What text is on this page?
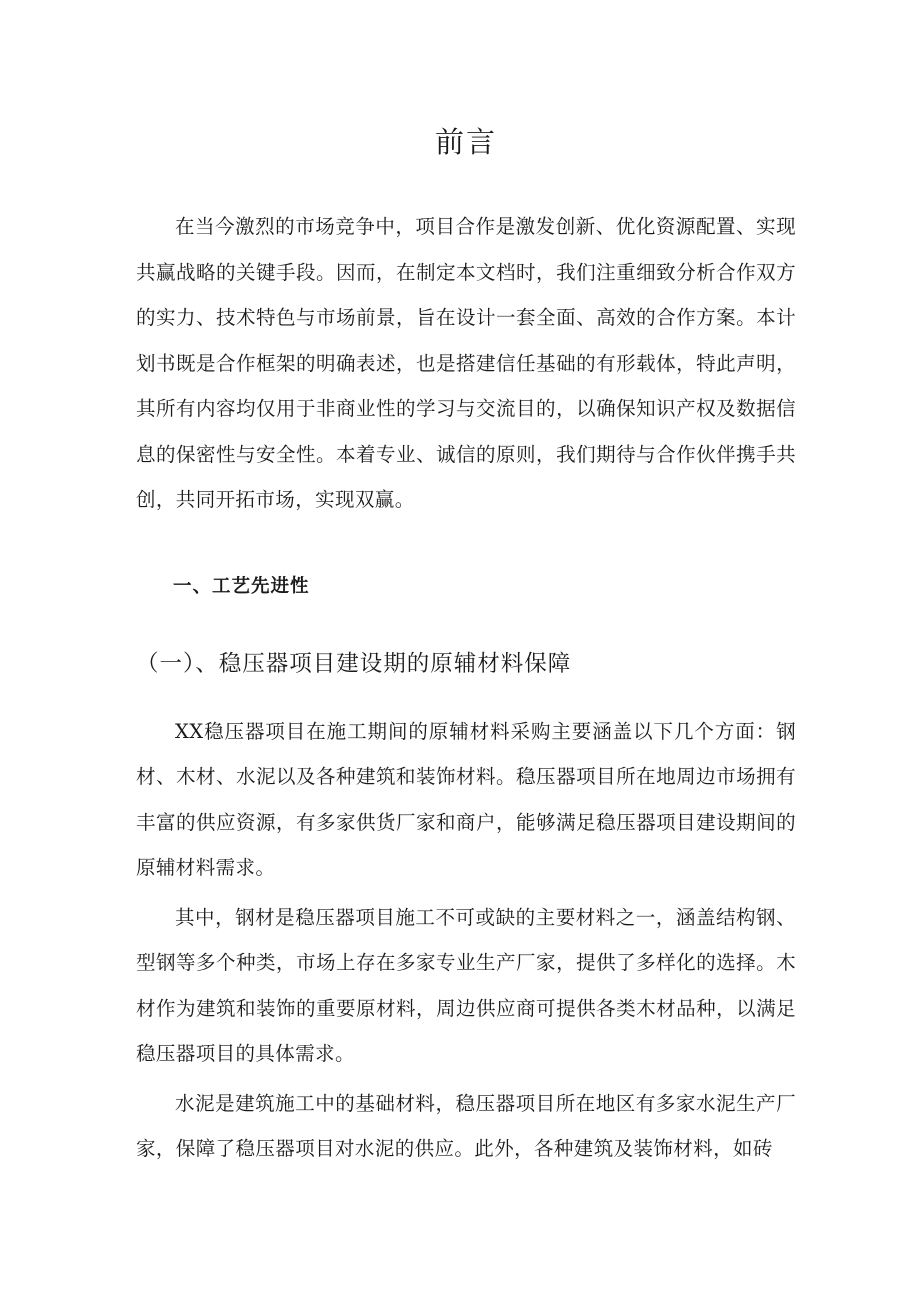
前言

在当今激烈的市场竞争中，项目合作是激发创新、优化资源配置、实现共赢战略的关键手段。因而，在制定本文档时，我们注重细致分析合作双方的实力、技术特色与市场前景，旨在设计一套全面、高效的合作方案。本计划书既是合作框架的明确表述，也是搭建信任基础的有形载体，特此声明，其所有内容均仅用于非商业性的学习与交流目的，以确保知识产权及数据信息的保密性与安全性。本着专业、诚信的原则，我们期待与合作伙伴携手共创，共同开拓市场，实现双赢。

一、工艺先进性
（一）、稳压器项目建设期的原辅材料保障

XX稳压器项目在施工期间的原辅材料采购主要涵盖以下几个方面：钢材、木材、水泥以及各种建筑和装饰材料。稳压器项目所在地周边市场拥有丰富的供应资源，有多家供货厂家和商户，能够满足稳压器项目建设期间的原辅材料需求。

其中，钢材是稳压器项目施工不可或缺的主要材料之一，涵盖结构钢、型钢等多个种类，市场上存在多家专业生产厂家，提供了多样化的选择。木材作为建筑和装饰的重要原材料，周边供应商可提供各类木材品种，以满足稳压器项目的具体需求。

水泥是建筑施工中的基础材料，稳压器项目所在地区有多家水泥生产厂家，保障了稳压器项目对水泥的供应。此外，各种建筑及装饰材料，如砖
